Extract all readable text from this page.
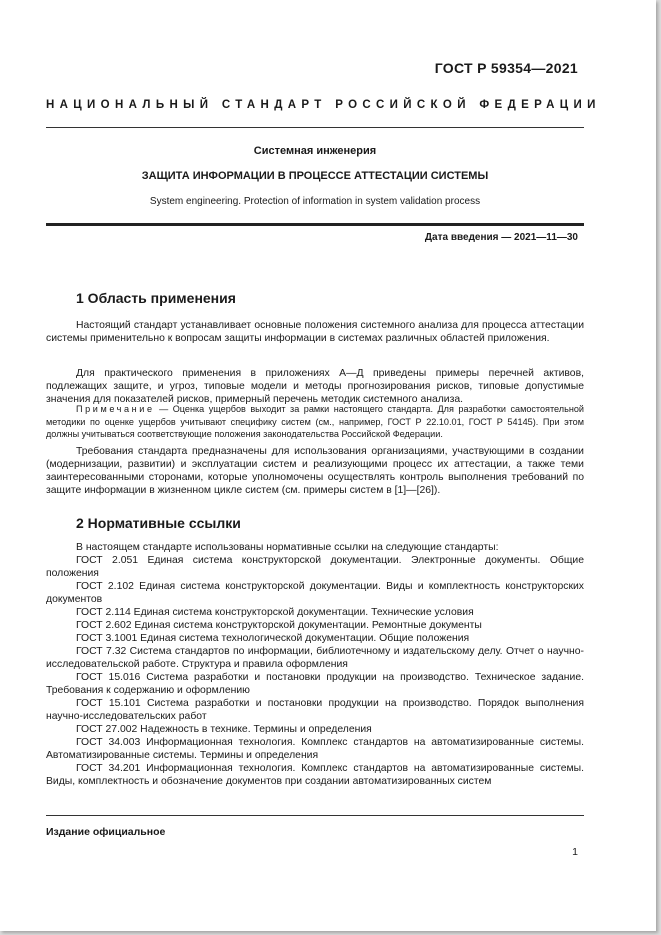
ГОСТ Р 59354—2021
НАЦИОНАЛЬНЫЙ СТАНДАРТ РОССИЙСКОЙ ФЕДЕРАЦИИ
Системная инженерия
ЗАЩИТА ИНФОРМАЦИИ В ПРОЦЕССЕ АТТЕСТАЦИИ СИСТЕМЫ
System engineering. Protection of information in system validation process
Дата введения — 2021—11—30
1 Область применения

Настоящий стандарт устанавливает основные положения системного анализа для процесса аттестации системы применительно к вопросам защиты информации в системах различных областей приложения.

Для практического применения в приложениях А—Д приведены примеры перечней активов, подлежащих защите, и угроз, типовые модели и методы прогнозирования рисков, типовые допустимые значения для показателей рисков, примерный перечень методик системного анализа.

Примечание — Оценка ущербов выходит за рамки настоящего стандарта. Для разработки самостоятельной методики по оценке ущербов учитывают специфику систем (см., например, ГОСТ Р 22.10.01, ГОСТ Р 54145). При этом должны учитываться соответствующие положения законодательства Российской Федерации.

Требования стандарта предназначены для использования организациями, участвующими в создании (модернизации, развитии) и эксплуатации систем и реализующими процесс их аттестации, а также теми заинтересованными сторонами, которые уполномочены осуществлять контроль выполнения требований по защите информации в жизненном цикле систем (см. примеры систем в [1]—[26]).

2 Нормативные ссылки

В настоящем стандарте использованы нормативные ссылки на следующие стандарты:

ГОСТ 2.051 Единая система конструкторской документации. Электронные документы. Общие положения

ГОСТ 2.102 Единая система конструкторской документации. Виды и комплектность конструкторских документов

ГОСТ 2.114 Единая система конструкторской документации. Технические условия

ГОСТ 2.602 Единая система конструкторской документации. Ремонтные документы

ГОСТ 3.1001 Единая система технологической документации. Общие положения

ГОСТ 7.32 Система стандартов по информации, библиотечному и издательскому делу. Отчет о научно-исследовательской работе. Структура и правила оформления

ГОСТ 15.016 Система разработки и постановки продукции на производство. Техническое задание. Требования к содержанию и оформлению

ГОСТ 15.101 Система разработки и постановки продукции на производство. Порядок выполнения научно-исследовательских работ

ГОСТ 27.002 Надежность в технике. Термины и определения

ГОСТ 34.003 Информационная технология. Комплекс стандартов на автоматизированные системы. Автоматизированные системы. Термины и определения

ГОСТ 34.201 Информационная технология. Комплекс стандартов на автоматизированные системы. Виды, комплектность и обозначение документов при создании автоматизированных систем

Издание официальное
1
